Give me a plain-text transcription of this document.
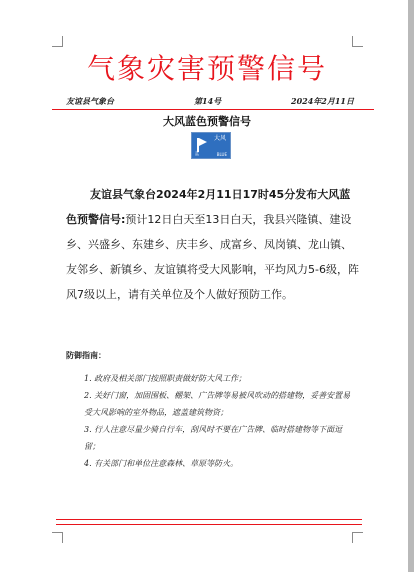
气象灾害预警信号
友谊县气象台	第14号	2024年2月11日
大风蓝色预警信号
大风
蓝	BLUE
友谊县气象台2024年2月11日17时45分发布大风蓝色预警信号:预计12日白天至13日白天，我县兴隆镇、建设乡、兴盛乡、东建乡、庆丰乡、成富乡、凤岗镇、龙山镇、友邻乡、新镇乡、友谊镇将受大风影响，平均风力5-6级，阵风7级以上，请有关单位及个人做好预防工作。
防御指南：
1. 政府及相关部门按照职责做好防大风工作；
2. 关好门窗，加固围板、棚架、广告牌等易被风吹动的搭建物，妥善安置易受大风影响的室外物品，遮盖建筑物资；
3. 行人注意尽量少骑自行车，刮风时不要在广告牌、临时搭建物等下面逗留；
4. 有关部门和单位注意森林、草原等防火。
